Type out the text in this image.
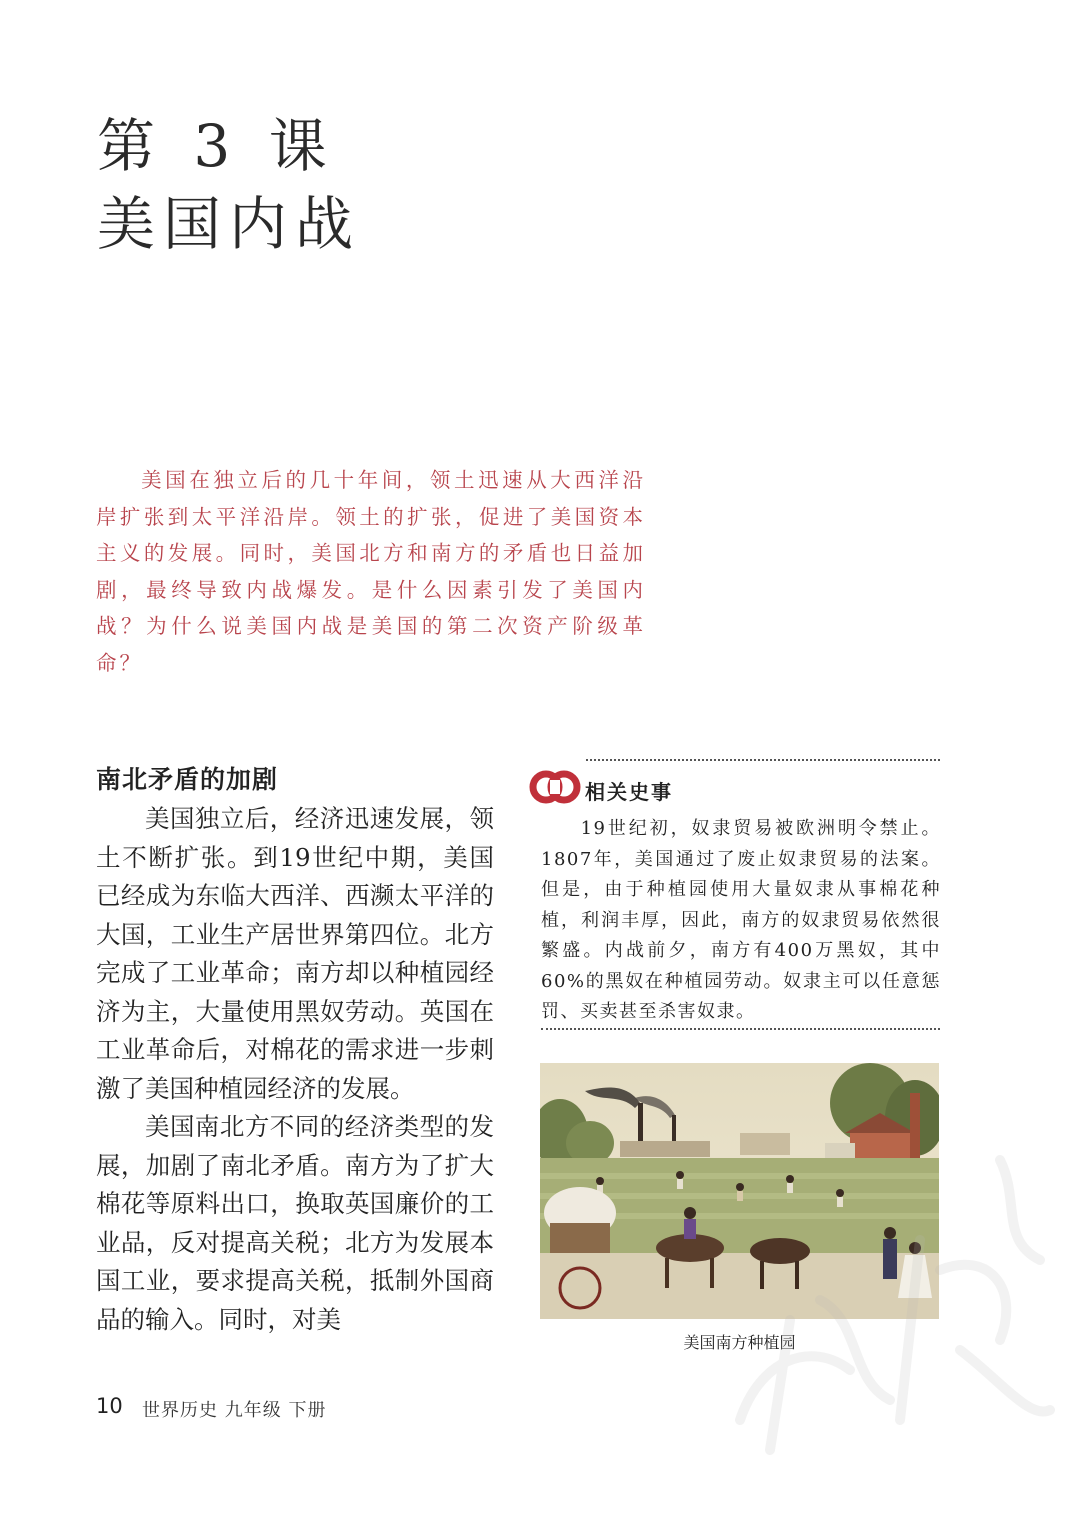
第 3 课
美国内战
美国在独立后的几十年间，领土迅速从大西洋沿岸扩张到太平洋沿岸。领土的扩张，促进了美国资本主义的发展。同时，美国北方和南方的矛盾也日益加剧，最终导致内战爆发。是什么因素引发了美国内战？为什么说美国内战是美国的第二次资产阶级革命？
南北矛盾的加剧

美国独立后，经济迅速发展，领土不断扩张。到19世纪中期，美国已经成为东临大西洋、西濒太平洋的大国，工业生产居世界第四位。北方完成了工业革命；南方却以种植园经济为主，大量使用黑奴劳动。英国在工业革命后，对棉花的需求进一步刺激了美国种植园经济的发展。

美国南北方不同的经济类型的发展，加剧了南北矛盾。南方为了扩大棉花等原料出口，换取英国廉价的工业品，反对提高关税；北方为发展本国工业，要求提高关税，抵制外国商品的输入。同时，对美

相关史事
19世纪初，奴隶贸易被欧洲明令禁止。1807年，美国通过了废止奴隶贸易的法案。但是，由于种植园使用大量奴隶从事棉花种植，利润丰厚，因此，南方的奴隶贸易依然很繁盛。内战前夕，南方有400万黑奴，其中60%的黑奴在种植园劳动。奴隶主可以任意惩罚、买卖甚至杀害奴隶。
美国南方种植园
10 世界历史 九年级 下册
